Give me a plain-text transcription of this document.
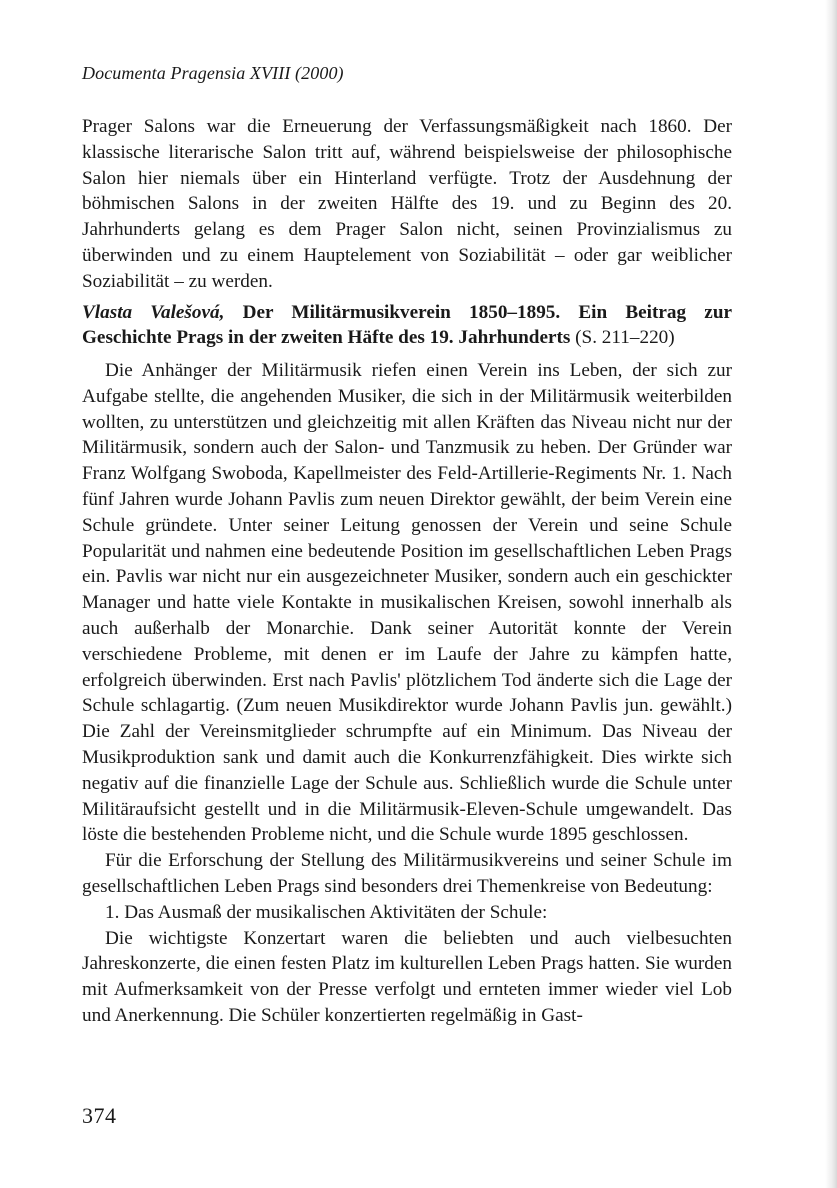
Documenta Pragensia XVIII (2000)

Prager Salons war die Erneuerung der Verfassungsmäßigkeit nach 1860. Der klassische literarische Salon tritt auf, während beispielsweise der philosophische Salon hier niemals über ein Hinterland verfügte. Trotz der Ausdehnung der böhmischen Salons in der zweiten Hälfte des 19. und zu Beginn des 20. Jahrhunderts gelang es dem Prager Salon nicht, seinen Provinzialismus zu überwinden und zu einem Hauptelement von Soziabilität – oder gar weiblicher Soziabilität – zu werden.

Vlasta Valešová, Der Militärmusikverein 1850–1895. Ein Beitrag zur Geschichte Prags in der zweiten Häfte des 19. Jahrhunderts (S. 211–220)

Die Anhänger der Militärmusik riefen einen Verein ins Leben, der sich zur Aufgabe stellte, die angehenden Musiker, die sich in der Militärmusik weiterbilden wollten, zu unterstützen und gleichzeitig mit allen Kräften das Niveau nicht nur der Militärmusik, sondern auch der Salon- und Tanzmusik zu heben. Der Gründer war Franz Wolfgang Swoboda, Kapellmeister des Feld-Artillerie-Regiments Nr. 1. Nach fünf Jahren wurde Johann Pavlis zum neuen Direktor gewählt, der beim Verein eine Schule gründete. Unter seiner Leitung genossen der Verein und seine Schule Popularität und nahmen eine bedeutende Position im gesellschaftlichen Leben Prags ein. Pavlis war nicht nur ein ausgezeichneter Musiker, sondern auch ein geschickter Manager und hatte viele Kontakte in musikalischen Kreisen, sowohl innerhalb als auch außerhalb der Monarchie. Dank seiner Autorität konnte der Verein verschiedene Probleme, mit denen er im Laufe der Jahre zu kämpfen hatte, erfolgreich überwinden. Erst nach Pavlis' plötzlichem Tod änderte sich die Lage der Schule schlagartig. (Zum neuen Musikdirektor wurde Johann Pavlis jun. gewählt.) Die Zahl der Vereinsmitglieder schrumpfte auf ein Minimum. Das Niveau der Musikproduktion sank und damit auch die Konkurrenzfähigkeit. Dies wirkte sich negativ auf die finanzielle Lage der Schule aus. Schließlich wurde die Schule unter Militäraufsicht gestellt und in die Militärmusik-Eleven-Schule umgewandelt. Das löste die bestehenden Probleme nicht, und die Schule wurde 1895 geschlossen.

Für die Erforschung der Stellung des Militärmusikvereins und seiner Schule im gesellschaftlichen Leben Prags sind besonders drei Themenkreise von Bedeutung:

1. Das Ausmaß der musikalischen Aktivitäten der Schule:

Die wichtigste Konzertart waren die beliebten und auch vielbesuchten Jahreskonzerte, die einen festen Platz im kulturellen Leben Prags hatten. Sie wurden mit Aufmerksamkeit von der Presse verfolgt und ernteten immer wieder viel Lob und Anerkennung. Die Schüler konzertierten regelmäßig in Gast-

374
